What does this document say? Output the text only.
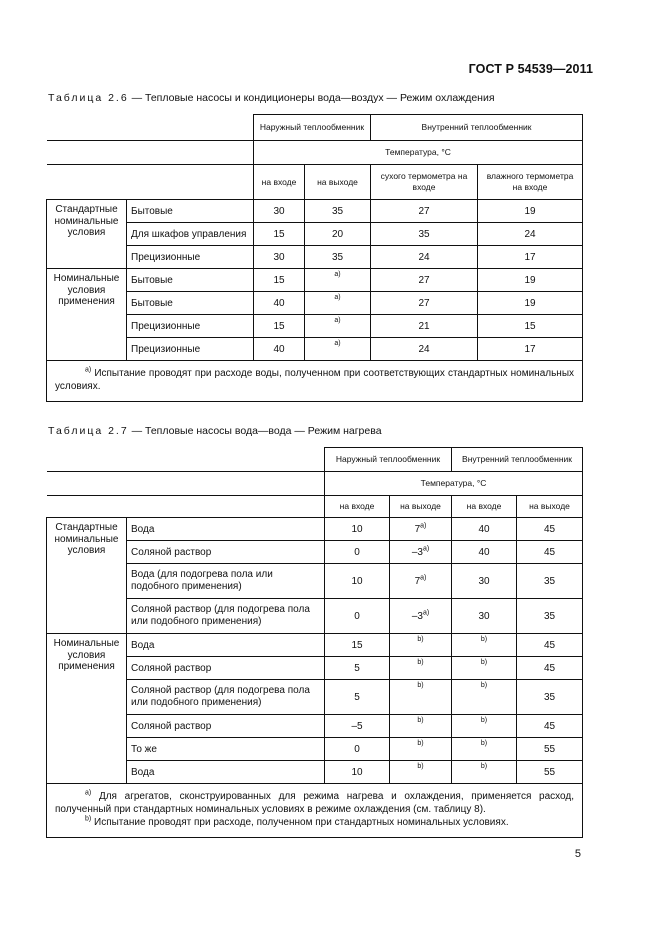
ГОСТ Р 54539—2011
Таблица 2.6 — Тепловые насосы и кондиционеры вода—воздух — Режим охлаждения
		Наружный теплообменник		Внутренний теплообменник	
		Температура, °С			
		на входе	на выходе	сухого термометра на входе	влажного термометра на входе
Стандартные номинальные условия	Бытовые	30	35	27	19
	Для шкафов управления	15	20	35	24
	Прецизионные	30	35	24	17
Номинальные условия применения	Бытовые	15	а)	27	19
	Бытовые	40	а)	27	19
	Прецизионные	15	а)	21	15
	Прецизионные	40	а)	24	17

$^{а)}$ Испытание проводят при расходе воды, полученном при соответствующих стандартных номинальных условиях.					

Таблица 2.7 — Тепловые насосы вода—вода — Режим нагрева
		Наружный теплообменник		Внутренний теплообменник	
		Температура, °С			
		на входе	на выходе	на входе	на выходе
Стандартные номинальные условия	Вода	10	$7^{а)}$	40	45
	Соляной раствор	0	$-3^{а)}$	40	45
	Вода (для подогрева пола или подобного применения)	10	$7^{а)}$	30	35
	Соляной раствор (для подогрева пола или подобного применения)	0	$-3^{а)}$	30	35
Номинальные условия применения	Вода	15	b)	b)	45
	Соляной раствор	5	b)	b)	45
	Соляной раствор (для подогрева пола или подобного применения)	5	b)	b)	35
	Соляной раствор	–5	b)	b)	45
	То же	0	b)	b)	55
	Вода	10	b)	b)	55

$^{а)}$ Для агрегатов, сконструированных для режима нагрева и охлаждения, применяется расход, полученный при стандартных номинальных условиях в режиме охлаждения (см. таблицу 8).

$^{b)}$ Испытание проводят при расходе, полученном при стандартных номинальных условиях.					

5
